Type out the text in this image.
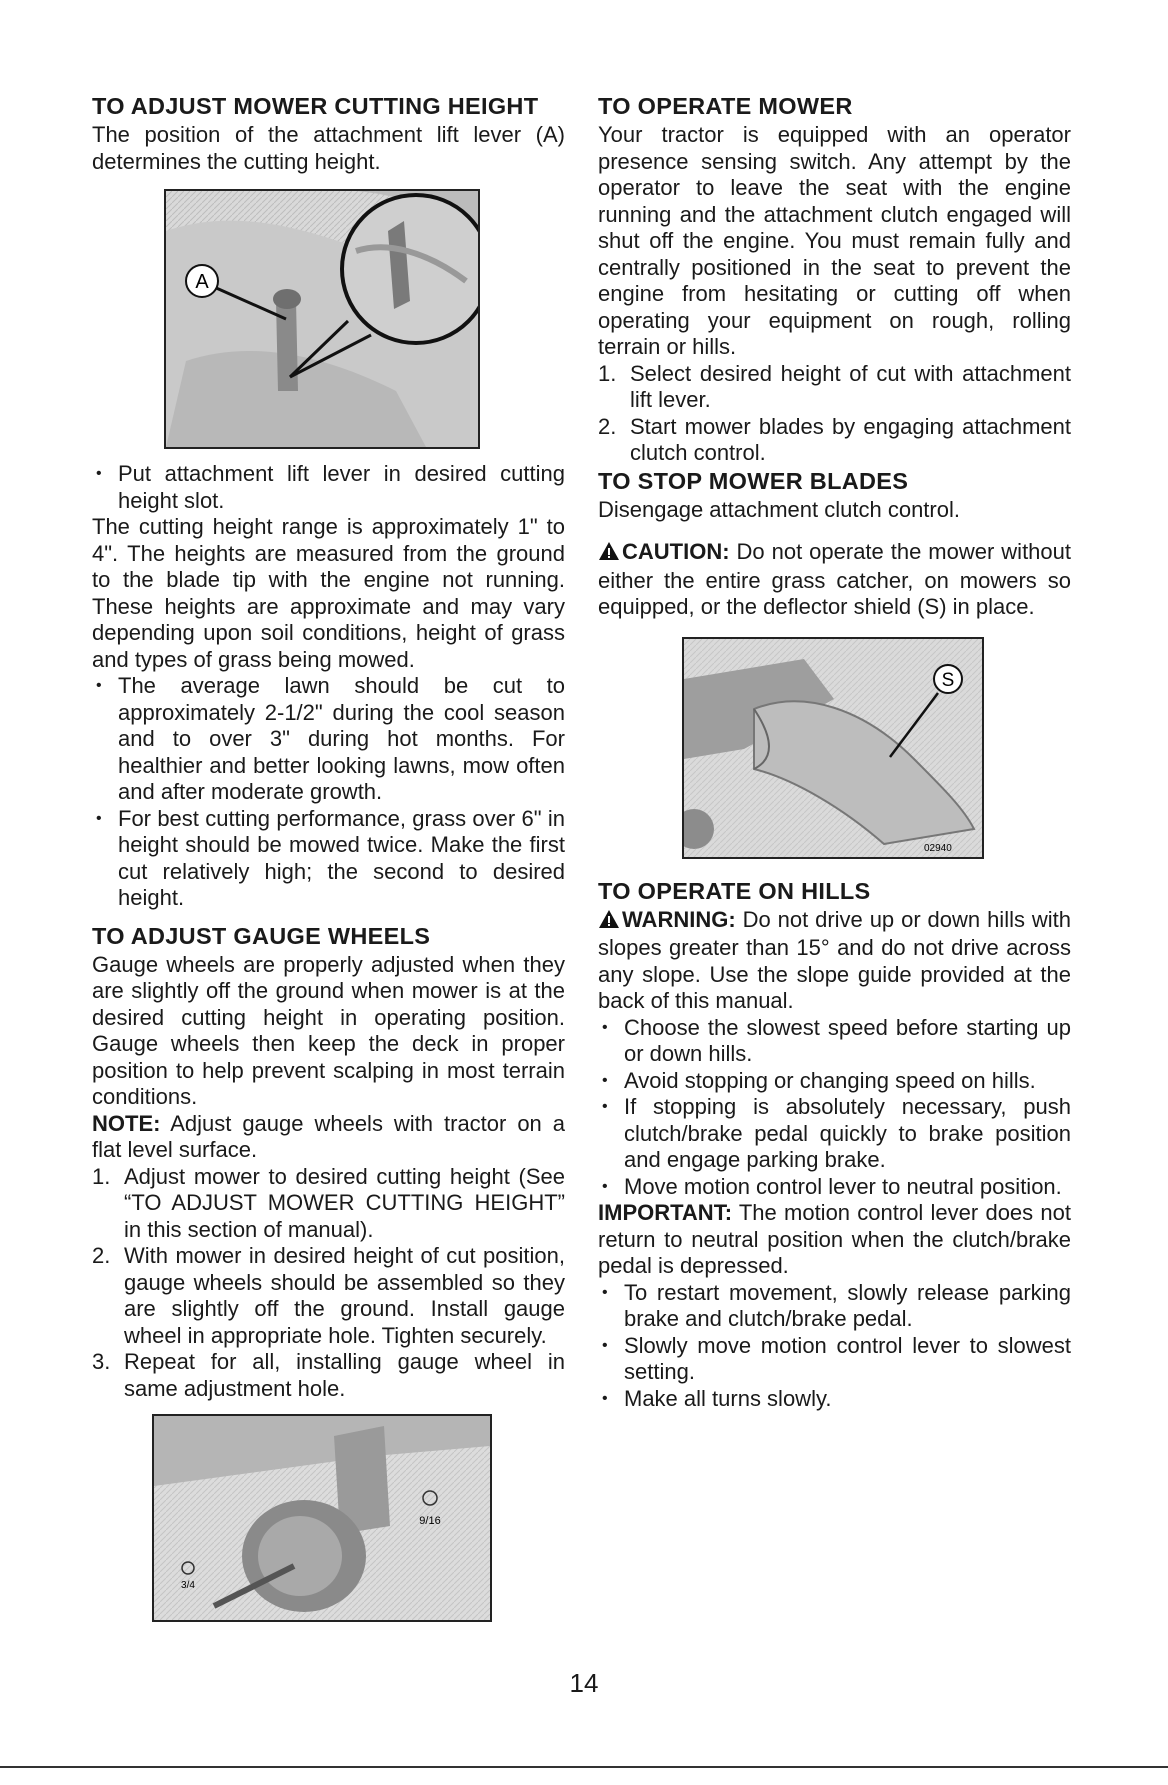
TO ADJUST MOWER CUTTING HEIGHT

The position of the attachment lift lever (A) determines the cutting height.

A
• Put attachment lift lever in desired cutting height slot.

The cutting height range is approximately 1" to 4". The heights are measured from the ground to the blade tip with the engine not running. These heights are approximate and may vary depending upon soil conditions, height of grass and types of grass being mowed.

• The average lawn should be cut to approximately 2-1/2" during the cool season and to over 3" during hot months. For healthier and better looking lawns, mow often and after moderate growth.
• For best cutting performance, grass over 6" in height should be mowed twice. Make the first cut relatively high; the second to desired height.
TO ADJUST GAUGE WHEELS

Gauge wheels are properly adjusted when they are slightly off the ground when mower is at the desired cutting height in operating position. Gauge wheels then keep the deck in proper position to help prevent scalping in most terrain conditions.

NOTE: Adjust gauge wheels with tractor on a flat level surface.

1. Adjust mower to desired cutting height (See “TO ADJUST MOWER CUTTING HEIGHT” in this section of manual).
2. With mower in desired height of cut position, gauge wheels should be assembled so they are slightly off the ground. Install gauge wheel in appropriate hole. Tighten securely.
3. Repeat for all, installing gauge wheel in same adjustment hole.
9/16
3/4
TO OPERATE MOWER

Your tractor is equipped with an operator presence sensing switch. Any attempt by the operator to leave the seat with the engine running and the attachment clutch engaged will shut off the engine. You must remain fully and centrally positioned in the seat to prevent the engine from hesitating or cutting off when operating your equipment on rough, rolling terrain or hills.

1. Select desired height of cut with attachment lift lever.
2. Start mower blades by engaging attachment clutch control.
TO STOP MOWER BLADES

Disengage attachment clutch control.

CAUTION: Do not operate the mower without either the entire grass catcher, on mowers so equipped, or the deflector shield (S) in place.

S
02940
TO OPERATE ON HILLS

WARNING: Do not drive up or down hills with slopes greater than 15° and do not drive across any slope. Use the slope guide provided at the back of this manual.

• Choose the slowest speed before starting up or down hills.
• Avoid stopping or changing speed on hills.
• If stopping is absolutely necessary, push clutch/brake pedal quickly to brake position and engage parking brake.
• Move motion control lever to neutral position.

IMPORTANT: The motion control lever does not return to neutral position when the clutch/brake pedal is depressed.

• To restart movement, slowly release parking brake and clutch/brake pedal.
• Slowly move motion control lever to slowest setting.
• Make all turns slowly.
14
